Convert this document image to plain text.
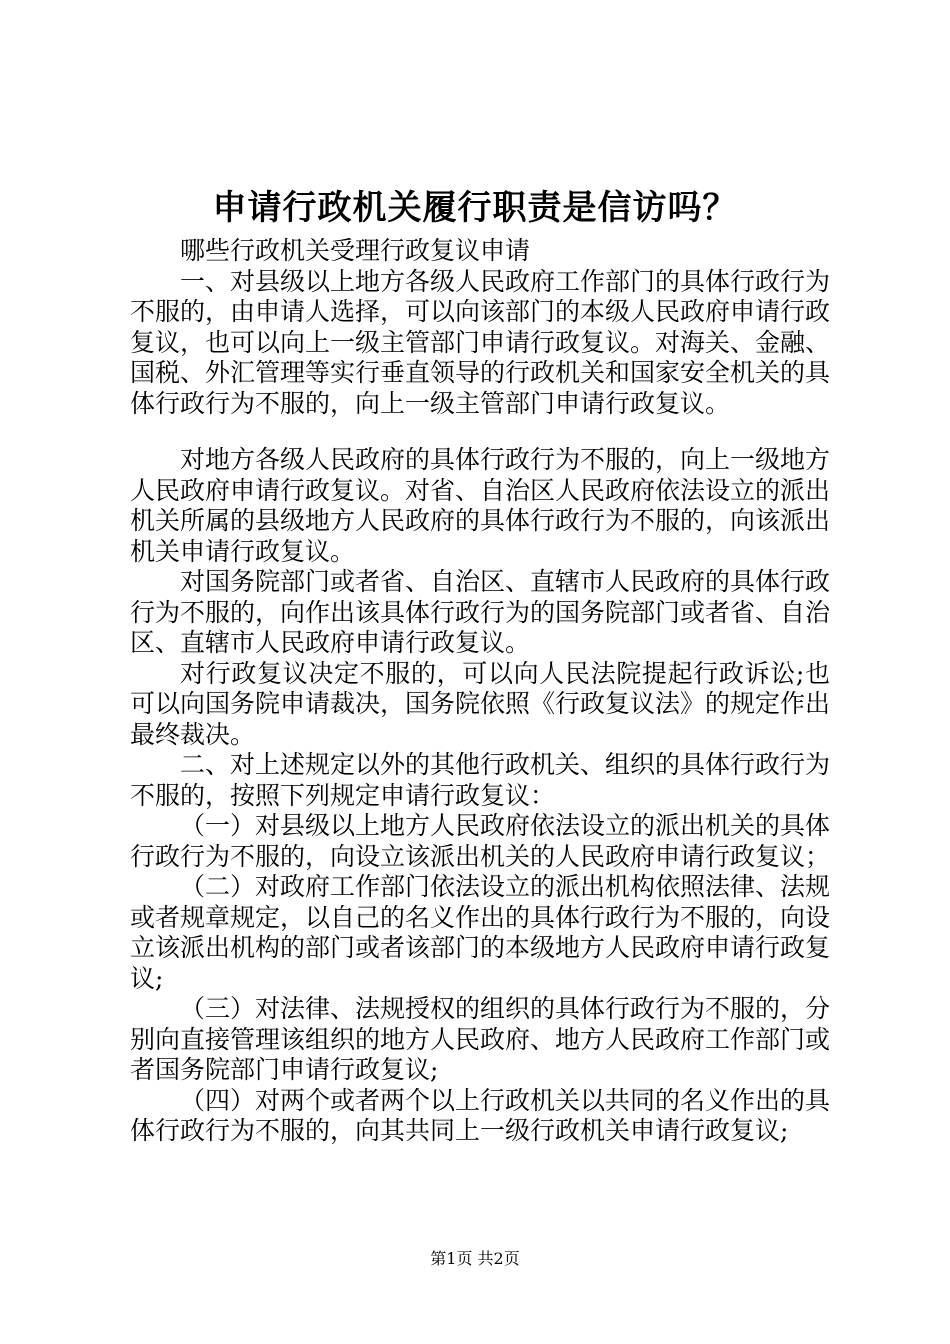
申请行政机关履行职责是信访吗？

哪些行政机关受理行政复议申请

一、对县级以上地方各级人民政府工作部门的具体行政行为不服的，由申请人选择，可以向该部门的本级人民政府申请行政复议，也可以向上一级主管部门申请行政复议。对海关、金融、国税、外汇管理等实行垂直领导的行政机关和国家安全机关的具体行政行为不服的，向上一级主管部门申请行政复议。

对地方各级人民政府的具体行政行为不服的，向上一级地方人民政府申请行政复议。对省、自治区人民政府依法设立的派出机关所属的县级地方人民政府的具体行政行为不服的，向该派出机关申请行政复议。

对国务院部门或者省、自治区、直辖市人民政府的具体行政行为不服的，向作出该具体行政行为的国务院部门或者省、自治区、直辖市人民政府申请行政复议。

对行政复议决定不服的，可以向人民法院提起行政诉讼;也可以向国务院申请裁决，国务院依照《行政复议法》的规定作出最终裁决。

二、对上述规定以外的其他行政机关、组织的具体行政行为不服的，按照下列规定申请行政复议：

（一）对县级以上地方人民政府依法设立的派出机关的具体行政行为不服的，向设立该派出机关的人民政府申请行政复议；

（二）对政府工作部门依法设立的派出机构依照法律、法规或者规章规定，以自己的名义作出的具体行政行为不服的，向设立该派出机构的部门或者该部门的本级地方人民政府申请行政复议;

（三）对法律、法规授权的组织的具体行政行为不服的，分别向直接管理该组织的地方人民政府、地方人民政府工作部门或者国务院部门申请行政复议;

（四）对两个或者两个以上行政机关以共同的名义作出的具体行政行为不服的，向其共同上一级行政机关申请行政复议;

第1页 共2页
